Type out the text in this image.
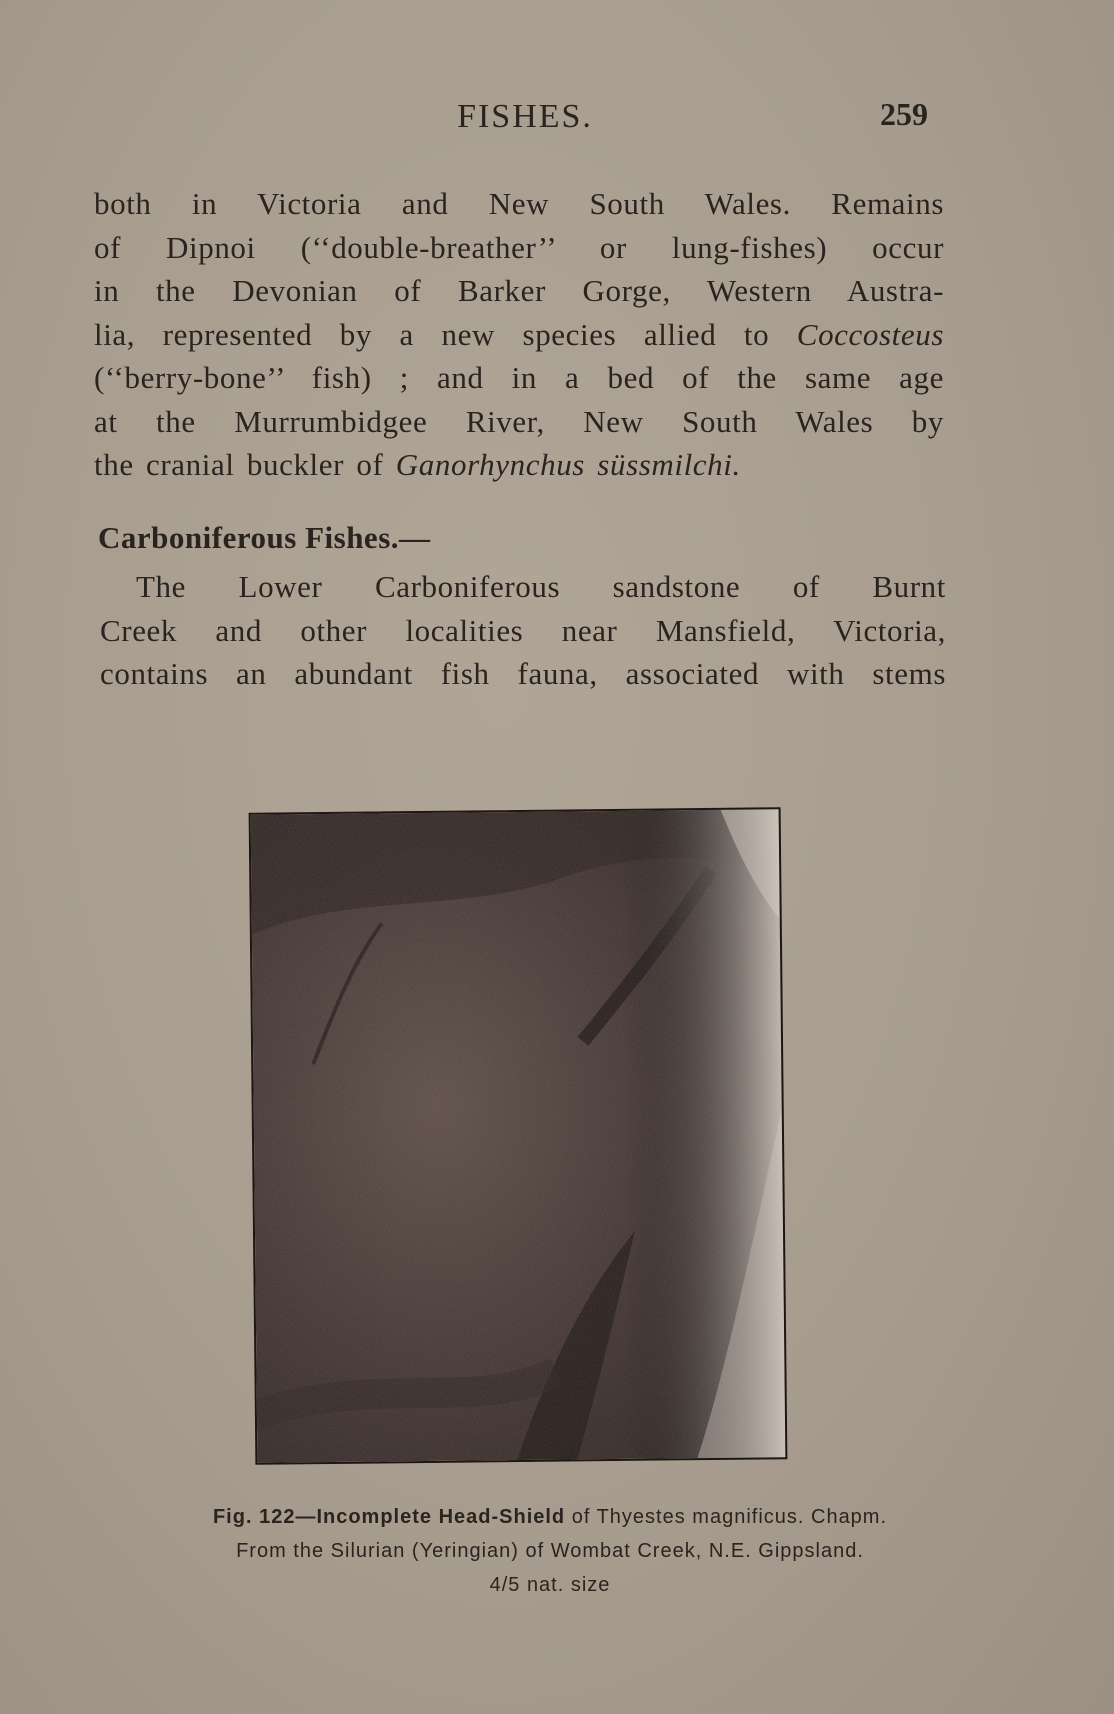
FISHES.	259
both in Victoria and New South Wales. Remains
of Dipnoi (‘‘double-breather’’ or lung-fishes) occur
in the Devonian of Barker Gorge, Western Austra-
lia, represented by a new species allied to Coccosteus
(‘‘berry-bone’’ fish) ; and in a bed of the same age
at the Murrumbidgee River, New South Wales by
the cranial buckler of Ganorhynchus süssmilchi.
Carboniferous Fishes.—
The Lower Carboniferous sandstone of Burnt
Creek and other localities near Mansfield, Victoria,
contains an abundant fish fauna, associated with stems
Fig. 122—Incomplete Head-Shield of Thyestes magnificus. Chapm.
From the Silurian (Yeringian) of Wombat Creek, N.E. Gippsland.
4/5 nat. size
